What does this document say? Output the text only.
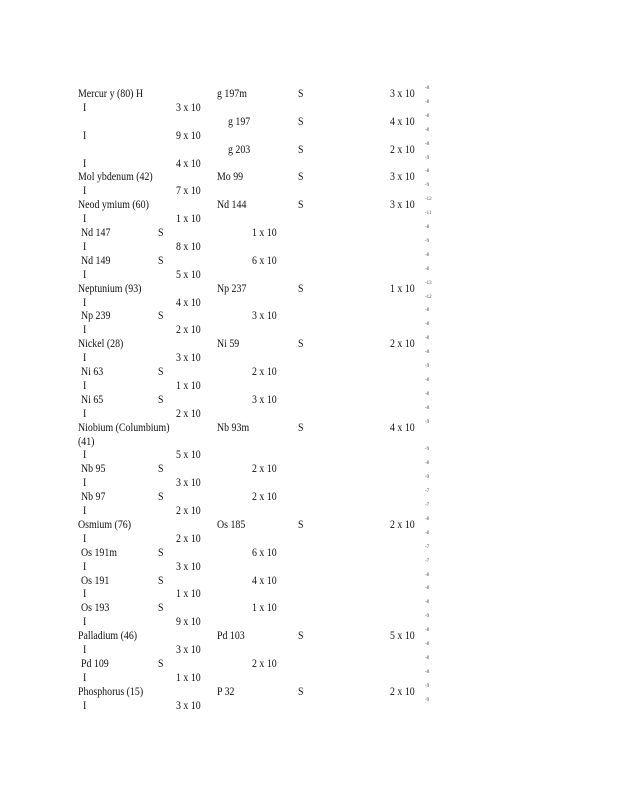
Mercur y (80) H	g 197m	S	3 x 10 -8
I	3 x 10	-8
g 197	S	4 x 10 -8
I	9 x 10	-8
g 203	S	2 x 10 -8
I	4 x 10	-9
Mol ybdenum (42)	Mo 99	S	3 x 10 -8
I	7 x 10	-9
Neod ymium (60)	Nd 144	S	3 x 10 -12
I	1 x 10	-11
Nd 147	S	1 x 10	-8
I	8 x 10	-9
Nd 149	S	6 x 10	-8
I	5 x 10	-8
Neptunium (93)	Np 237	S	1 x 10 -13
I	4 x 10	-12
Np 239	S	3 x 10	-8
I	2 x 10	-8
Nickel (28)	Ni 59	S	2 x 10 -8
I	3 x 10	-8
Ni 63	S	2 x 10	-9
I	1 x 10	-8
Ni 65	S	3 x 10	-8
I	2 x 10	-8
Niobium (Columbium)	Nb 93m	S	4 x 10 -9
(41)
I	5 x 10	-9
Nb 95	S	2 x 10	-8
I	3 x 10	-9
Nb 97	S	2 x 10	-7
I	2 x 10	-7
Osmium (76)	Os 185	S	2 x 10 -8
I	2 x 10	-8
Os 191m	S	6 x 10	-7
I	3 x 10	-7
Os 191	S	4 x 10	-8
I	1 x 10	-8
Os 193	S	1 x 10	-8
I	9 x 10	-9
Palladium (46)	Pd 103	S	5 x 10 -8
I	3 x 10	-8
Pd 109	S	2 x 10	-8
I	1 x 10	-8
Phosphorus (15)	P 32	S	2 x 10 -9
I	3 x 10	-9
